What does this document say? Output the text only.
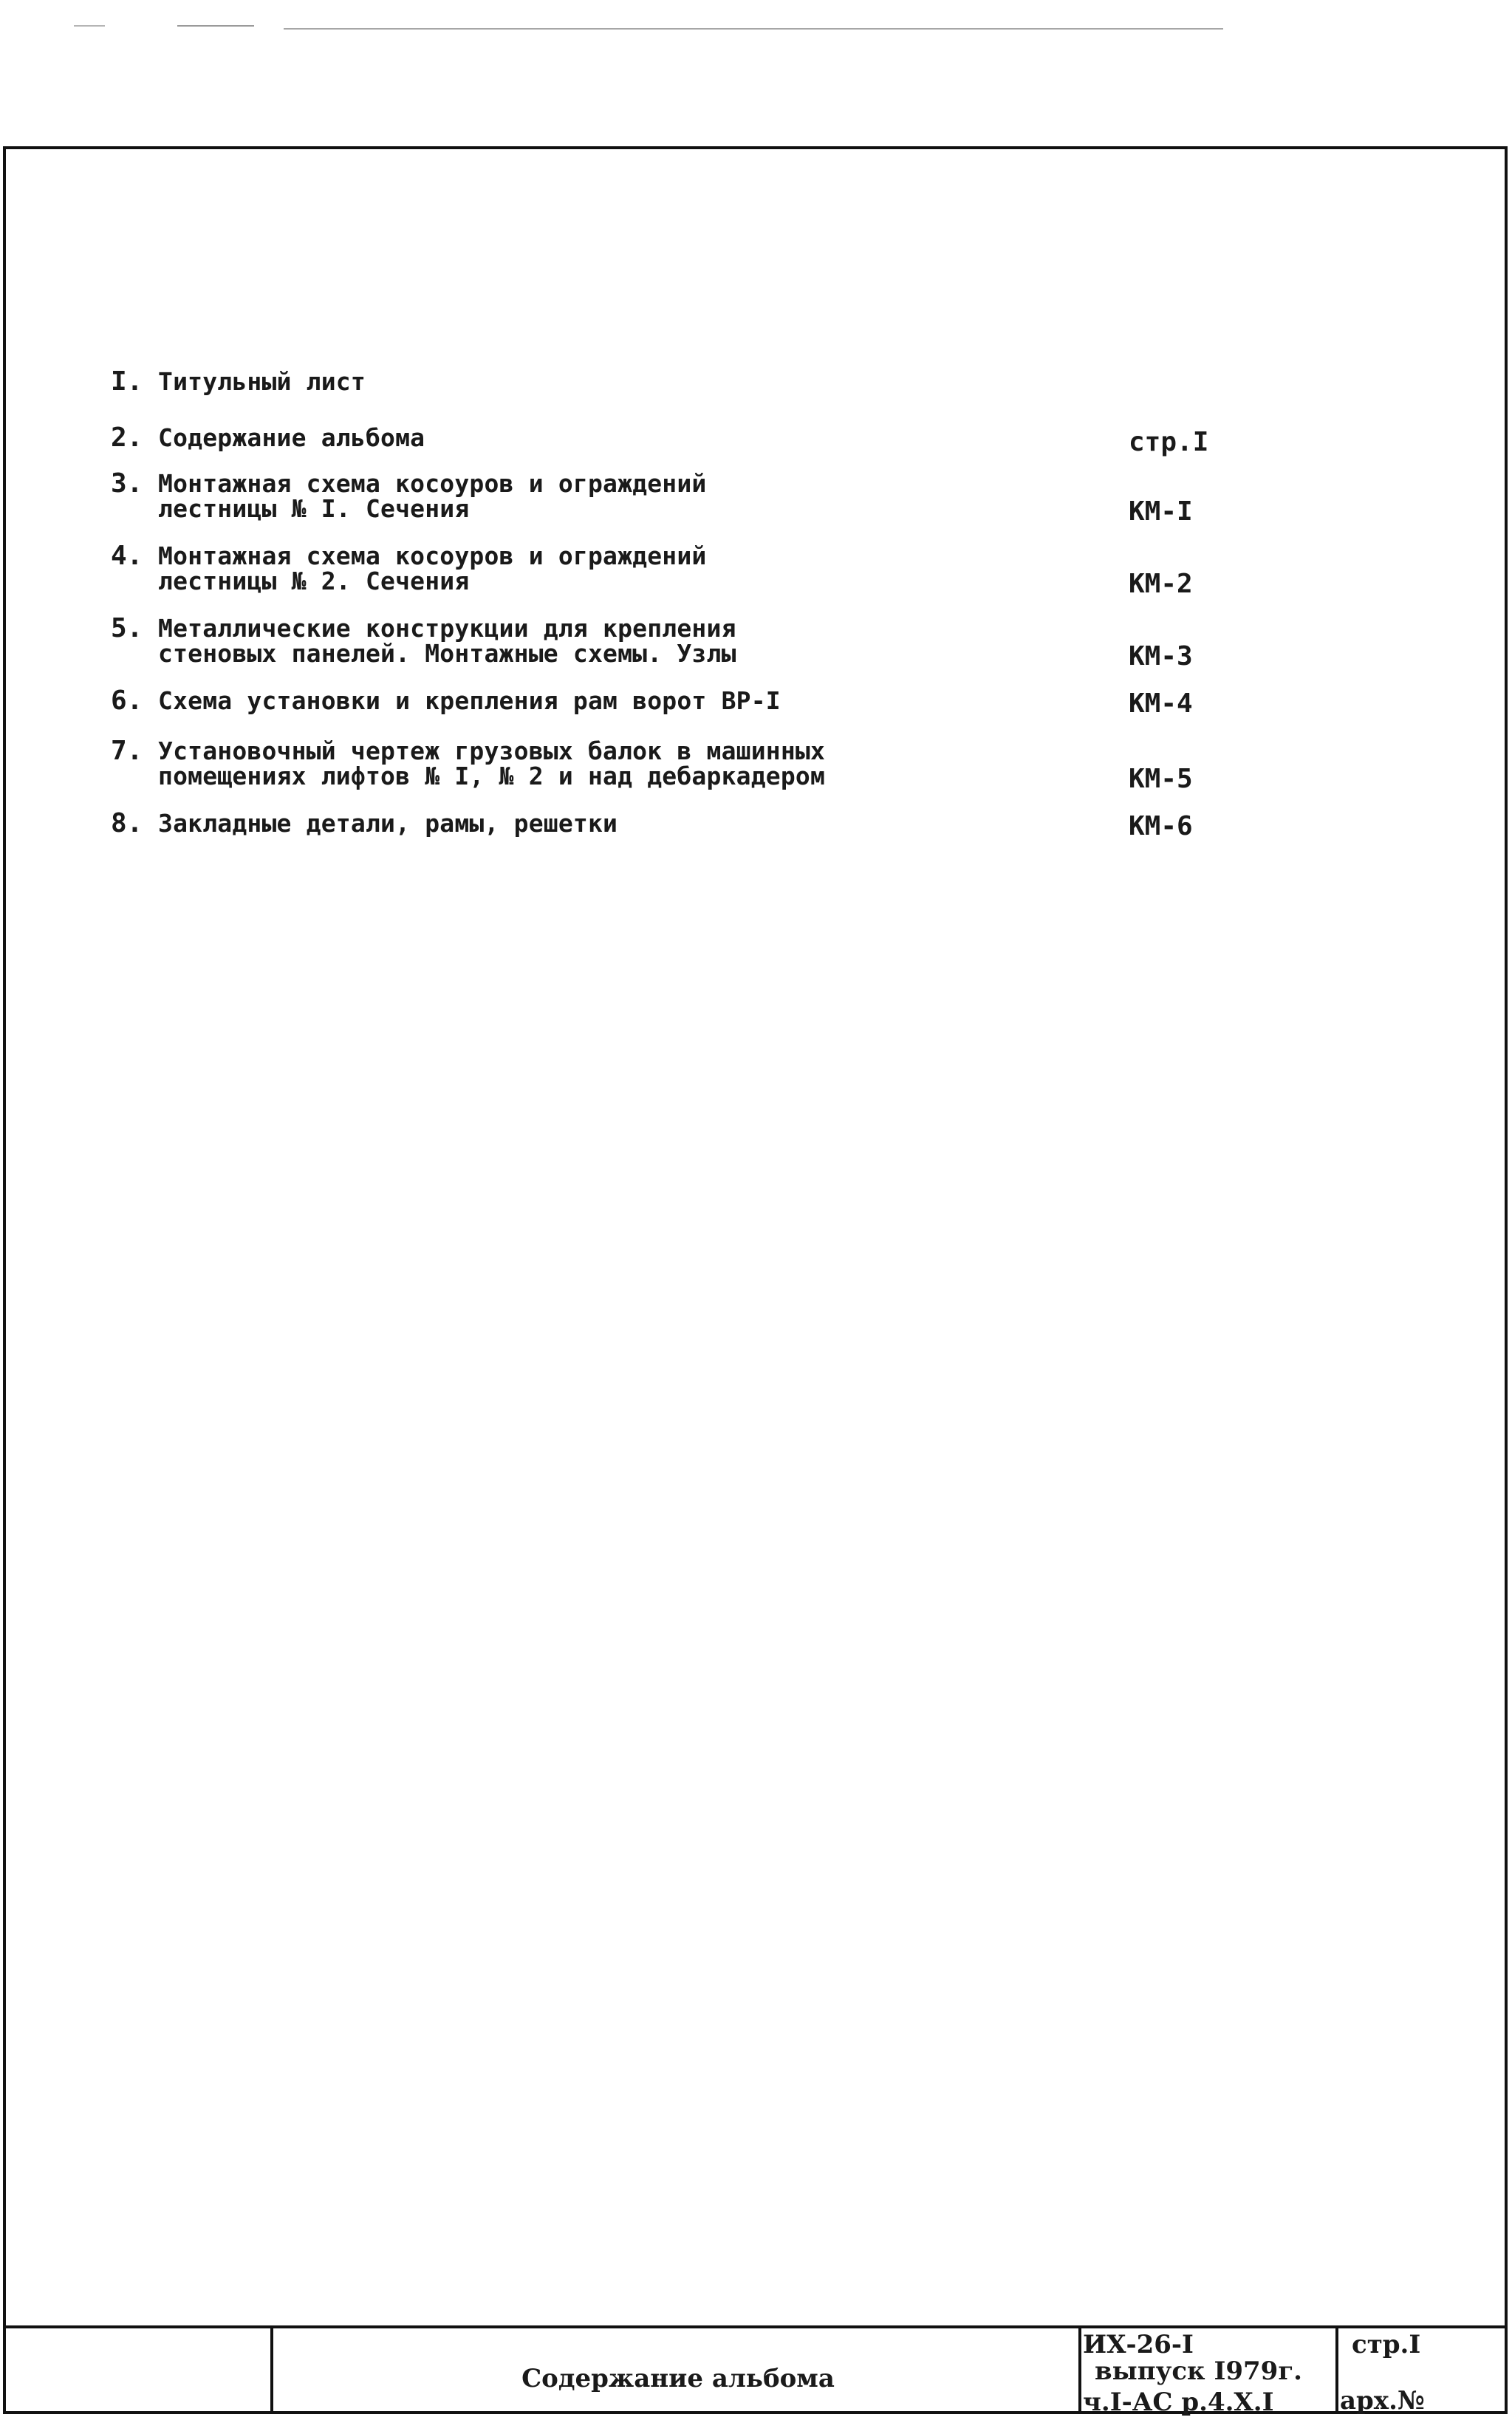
I. Титульный лист
2. Содержание альбома	стр.I
3. Монтажная схема косоуров и ограждений
лестницы № I. Сечения	КМ-I
4. Монтажная схема косоуров и ограждений
лестницы № 2. Сечения	КМ-2
5. Металлические конструкции для крепления
стеновых панелей. Монтажные схемы. Узлы	КМ-3
6. Схема установки и крепления рам ворот ВР-I	КМ-4
7. Установочный чертеж грузовых балок в машинных
помещениях лифтов № I, № 2 и над дебаркадером	КМ-5
8. Закладные детали, рамы, решетки	КМ-6
Содержание альбома
ИХ-26-I
выпуск I979г.
ч.I-АС р.4.Х.I
стр.I
арх.№
